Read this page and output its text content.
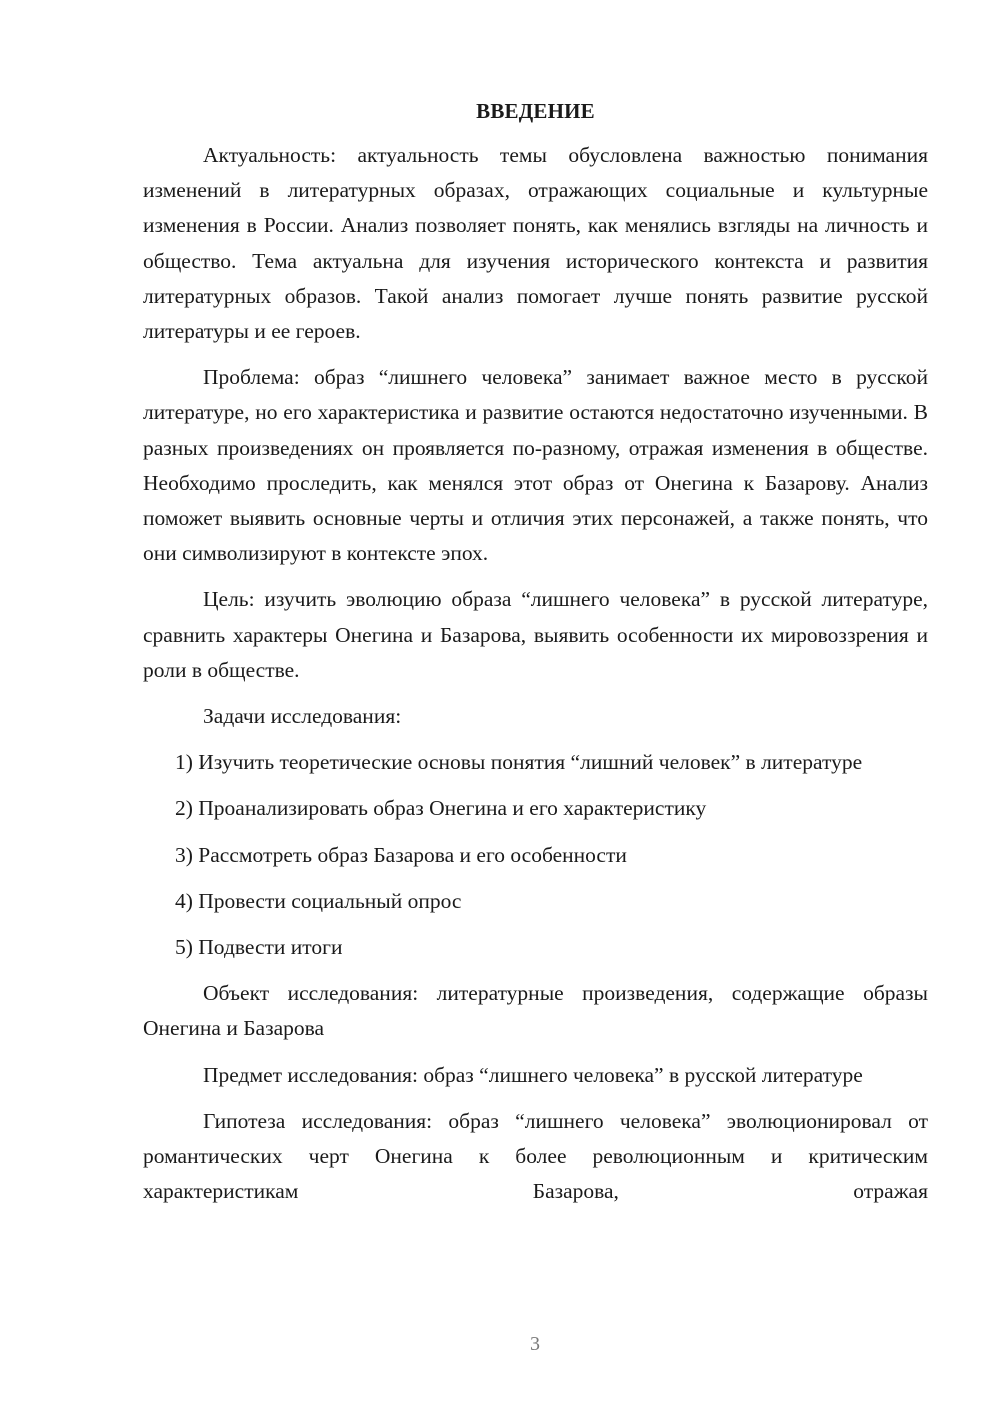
ВВЕДЕНИЕ

Актуальность: актуальность темы обусловлена важностью понимания изменений в литературных образах, отражающих социальные и культурные изменения в России. Анализ позволяет понять, как менялись взгляды на личность и общество. Тема актуальна для изучения исторического контекста и развития литературных образов. Такой анализ помогает лучше понять развитие русской литературы и ее героев.

Проблема: образ “лишнего человека” занимает важное место в русской литературе, но его характеристика и развитие остаются недостаточно изученными. В разных произведениях он проявляется по-разному, отражая изменения в обществе. Необходимо проследить, как менялся этот образ от Онегина к Базарову. Анализ поможет выявить основные черты и отличия этих персонажей, а также понять, что они символизируют в контексте эпох.

Цель: изучить эволюцию образа “лишнего человека” в русской литературе, сравнить характеры Онегина и Базарова, выявить особенности их мировоззрения и роли в обществе.

Задачи исследования:

1) Изучить теоретические основы понятия “лишний человек” в литературе

2) Проанализировать образ Онегина и его характеристику

3) Рассмотреть образ Базарова и его особенности

4) Провести социальный опрос

5) Подвести итоги

Объект исследования: литературные произведения, содержащие образы Онегина и Базарова

Предмет исследования: образ “лишнего человека” в русской литературе

Гипотеза исследования: образ “лишнего человека” эволюционировал от романтических черт Онегина к более революционным и критическим характеристикам Базарова, отражая

3
